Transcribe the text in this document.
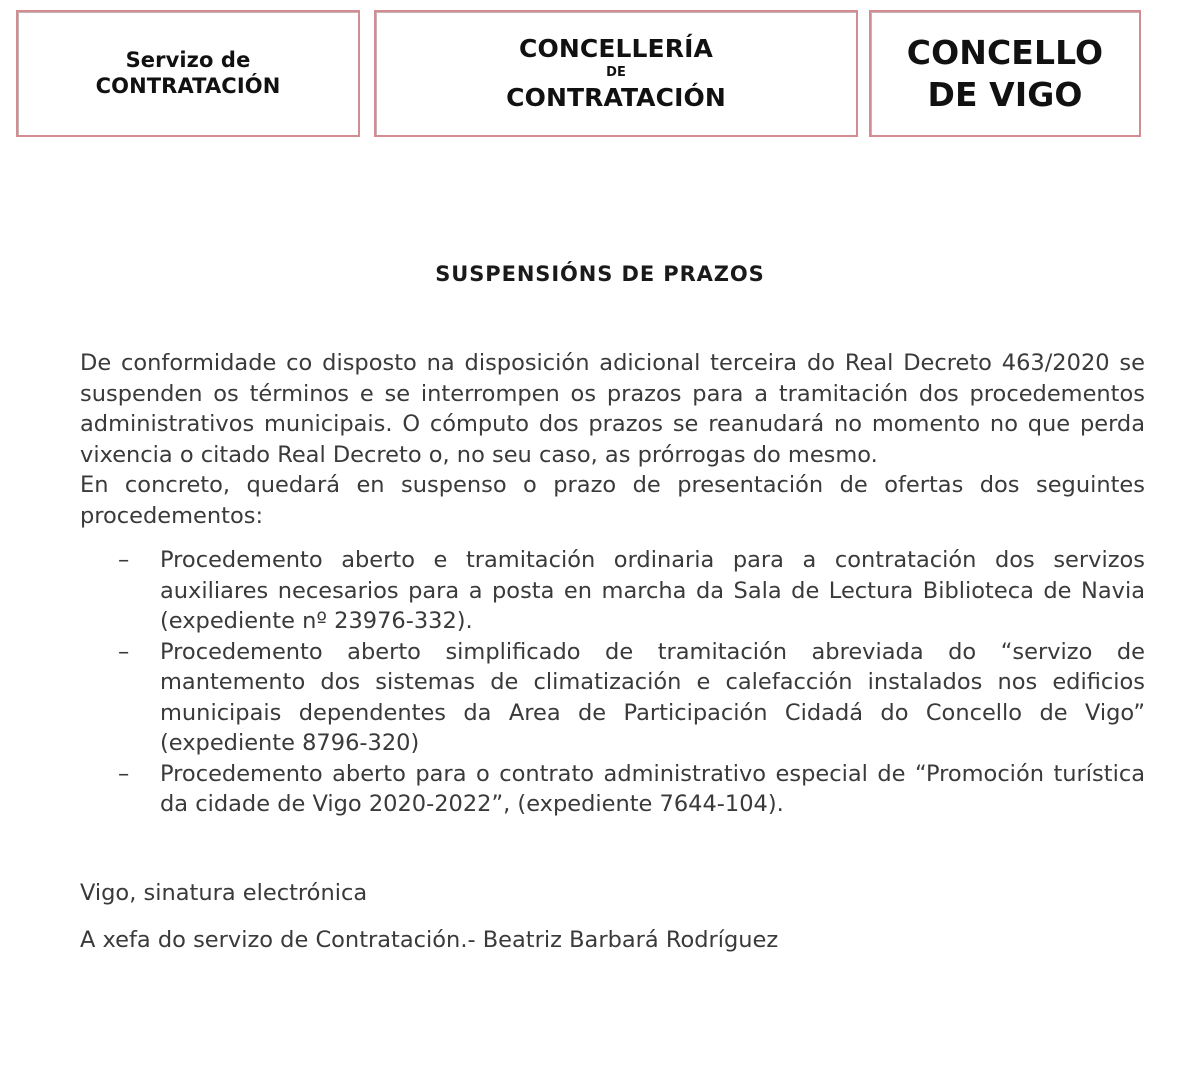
Servizo de
CONTRATACIÓN
CONCELLERÍA
DE
CONTRATACIÓN
CONCELLO
DE VIGO
SUSPENSIÓNS DE PRAZOS

De conformidade co disposto na disposición adicional terceira do Real Decreto 463/2020 se suspenden os términos e se interrompen os prazos para a tramitación dos procedementos administrativos municipais. O cómputo dos prazos se reanudará no momento no que perda vixencia o citado Real Decreto o, no seu caso, as prórrogas do mesmo.

En concreto, quedará en suspenso o prazo de presentación de ofertas dos seguintes procedementos:

– Procedemento aberto e tramitación ordinaria para a contratación dos servizos auxiliares necesarios para a posta en marcha da Sala de Lectura Biblioteca de Navia (expediente nº 23976-332).
– Procedemento aberto simplificado de tramitación abreviada do “servizo de mantemento dos sistemas de climatización e calefacción instalados nos edificios municipais dependentes da Area de Participación Cidadá do Concello de Vigo” (expediente 8796-320)
– Procedemento aberto para o contrato administrativo especial de “Promoción turística da cidade de Vigo 2020-2022”, (expediente 7644-104).
Vigo, sinatura electrónica
A xefa do servizo de Contratación.- Beatriz Barbará Rodríguez
